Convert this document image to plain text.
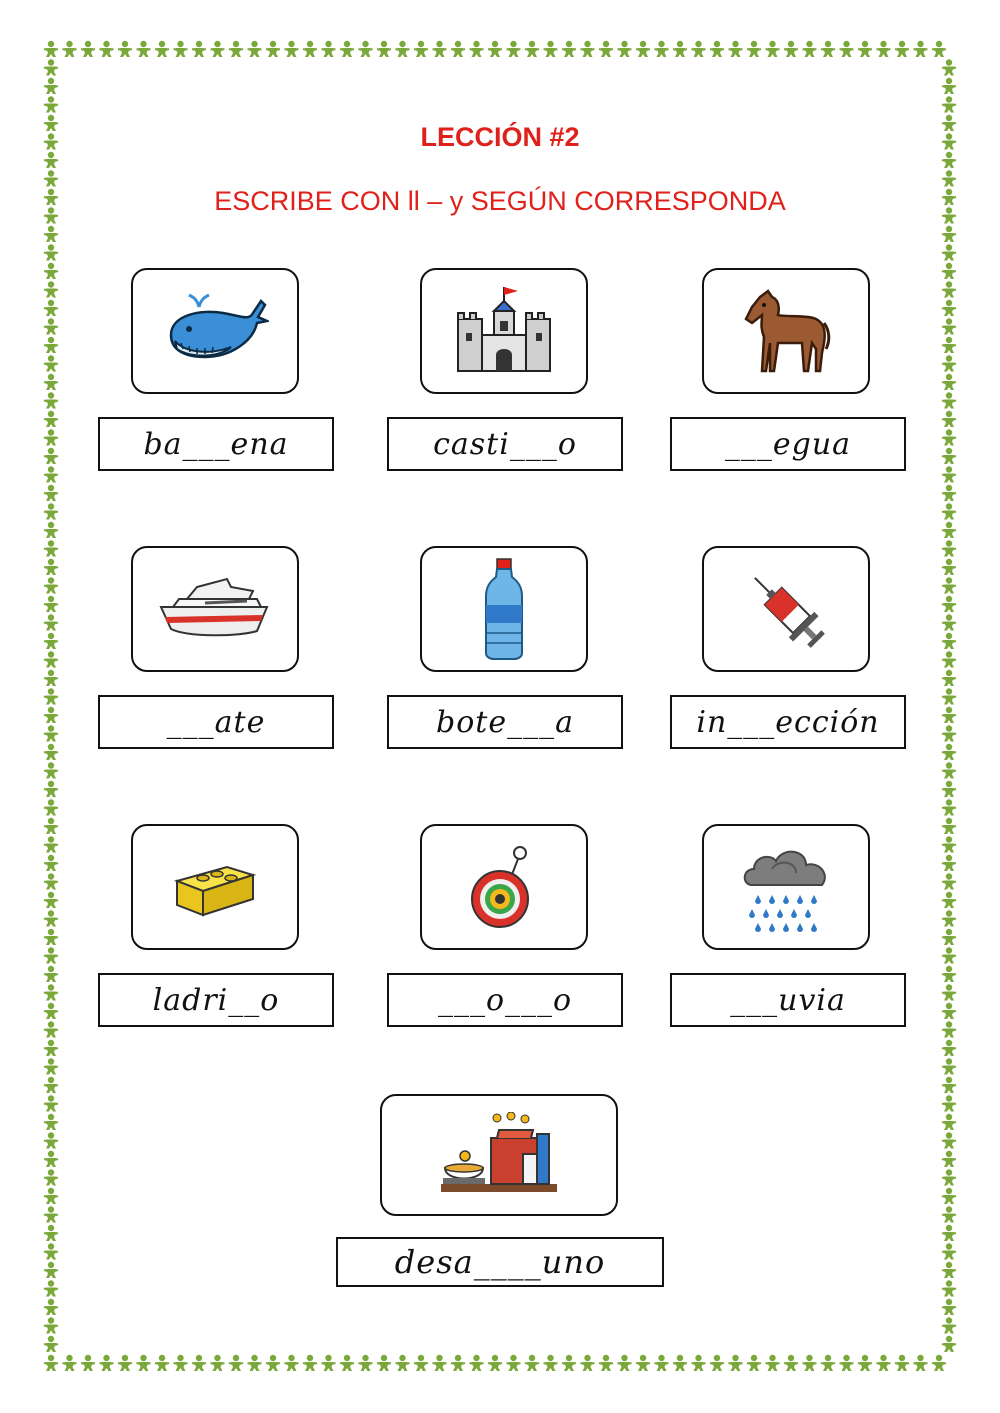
LECCIÓN #2
ESCRIBE CON ll – y SEGÚN CORRESPONDA
ba___ena	casti___o	___egua
___ate	bote___a	in___ección
ladri__o	___o___o	___uvia
desa____uno
